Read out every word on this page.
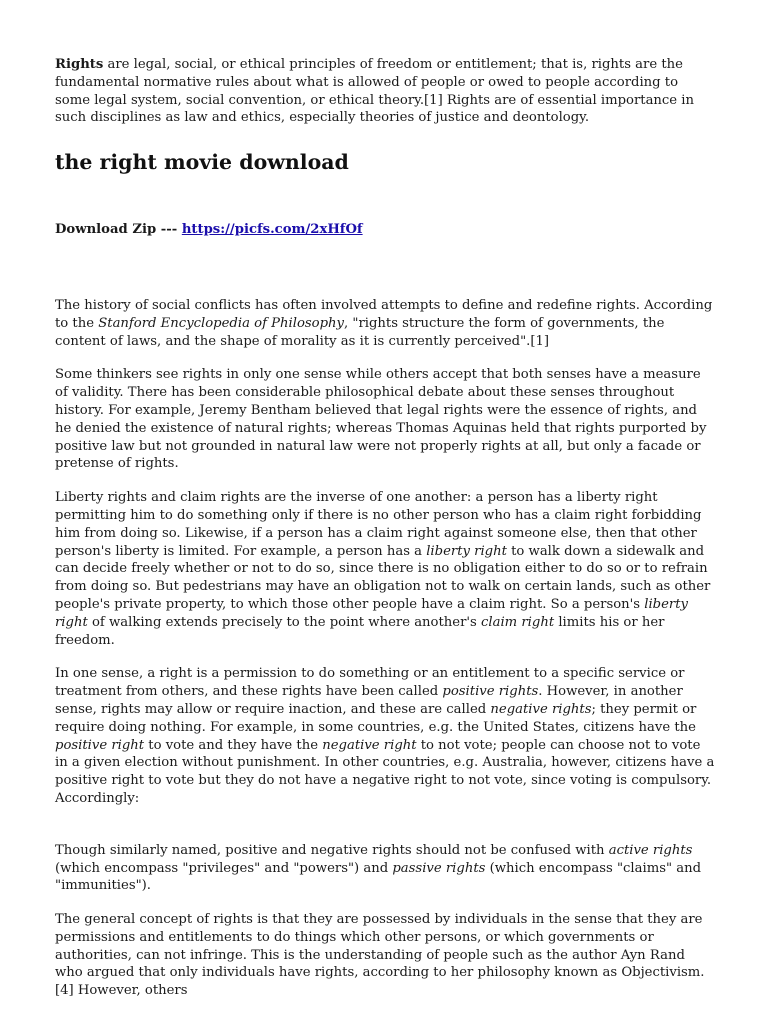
Rights are legal, social, or ethical principles of freedom or entitlement; that is, rights are the fundamental normative rules about what is allowed of people or owed to people according to some legal system, social convention, or ethical theory.[1] Rights are of essential importance in such disciplines as law and ethics, especially theories of justice and deontology.

the right movie download

Download Zip --- https://picfs.com/2xHfOf

The history of social conflicts has often involved attempts to define and redefine rights. According to the Stanford Encyclopedia of Philosophy, "rights structure the form of governments, the content of laws, and the shape of morality as it is currently perceived".[1]

Some thinkers see rights in only one sense while others accept that both senses have a measure of validity. There has been considerable philosophical debate about these senses throughout history. For example, Jeremy Bentham believed that legal rights were the essence of rights, and he denied the existence of natural rights; whereas Thomas Aquinas held that rights purported by positive law but not grounded in natural law were not properly rights at all, but only a facade or pretense of rights.

Liberty rights and claim rights are the inverse of one another: a person has a liberty right permitting him to do something only if there is no other person who has a claim right forbidding him from doing so. Likewise, if a person has a claim right against someone else, then that other person's liberty is limited. For example, a person has a liberty right to walk down a sidewalk and can decide freely whether or not to do so, since there is no obligation either to do so or to refrain from doing so. But pedestrians may have an obligation not to walk on certain lands, such as other people's private property, to which those other people have a claim right. So a person's liberty right of walking extends precisely to the point where another's claim right limits his or her freedom.

In one sense, a right is a permission to do something or an entitlement to a specific service or treatment from others, and these rights have been called positive rights. However, in another sense, rights may allow or require inaction, and these are called negative rights; they permit or require doing nothing. For example, in some countries, e.g. the United States, citizens have the positive right to vote and they have the negative right to not vote; people can choose not to vote in a given election without punishment. In other countries, e.g. Australia, however, citizens have a positive right to vote but they do not have a negative right to not vote, since voting is compulsory. Accordingly:

Though similarly named, positive and negative rights should not be confused with active rights (which encompass "privileges" and "powers") and passive rights (which encompass "claims" and "immunities").

The general concept of rights is that they are possessed by individuals in the sense that they are permissions and entitlements to do things which other persons, or which governments or authorities, can not infringe. This is the understanding of people such as the author Ayn Rand who argued that only individuals have rights, according to her philosophy known as Objectivism.[4] However, others
